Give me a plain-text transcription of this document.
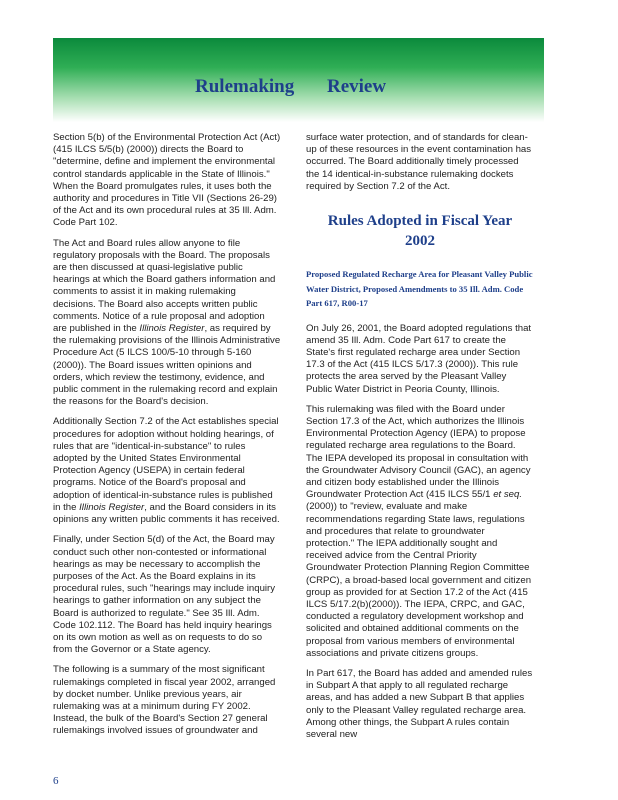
Rulemaking Review

Section 5(b) of the Environmental Protection Act (Act) (415 ILCS 5/5(b) (2000)) directs the Board to "determine, define and implement the environmental control standards applicable in the State of Illinois." When the Board promulgates rules, it uses both the authority and procedures in Title VII (Sections 26-29) of the Act and its own procedural rules at 35 Ill. Adm. Code Part 102.

The Act and Board rules allow anyone to file regulatory proposals with the Board. The proposals are then discussed at quasi-legislative public hearings at which the Board gathers information and comments to assist it in making rulemaking decisions. The Board also accepts written public comments. Notice of a rule proposal and adoption are published in the Illinois Register, as required by the rulemaking provisions of the Illinois Administrative Procedure Act (5 ILCS 100/5-10 through 5-160 (2000)). The Board issues written opinions and orders, which review the testimony, evidence, and public comment in the rulemaking record and explain the reasons for the Board's decision.

Additionally Section 7.2 of the Act establishes special procedures for adoption without holding hearings, of rules that are "identical-in-substance" to rules adopted by the United States Environmental Protection Agency (USEPA) in certain federal programs. Notice of the Board's proposal and adoption of identical-in-substance rules is published in the Illinois Register, and the Board considers in its opinions any written public comments it has received.

Finally, under Section 5(d) of the Act, the Board may conduct such other non-contested or informational hearings as may be necessary to accomplish the purposes of the Act. As the Board explains in its procedural rules, such "hearings may include inquiry hearings to gather information on any subject the Board is authorized to regulate." See 35 Ill. Adm. Code 102.112. The Board has held inquiry hearings on its own motion as well as on requests to do so from the Governor or a State agency.

The following is a summary of the most significant rulemakings completed in fiscal year 2002, arranged by docket number. Unlike previous years, air rulemaking was at a minimum during FY 2002. Instead, the bulk of the Board's Section 27 general rulemakings involved issues of groundwater and

surface water protection, and of standards for clean-up of these resources in the event contamination has occurred. The Board additionally timely processed the 14 identical-in-substance rulemaking dockets required by Section 7.2 of the Act.

Rules Adopted in Fiscal Year
2002
Proposed Regulated Recharge Area for Pleasant Valley Public Water District, Proposed Amendments to 35 Ill. Adm. Code Part 617, R00-17

On July 26, 2001, the Board adopted regulations that amend 35 Ill. Adm. Code Part 617 to create the State's first regulated recharge area under Section 17.3 of the Act (415 ILCS 5/17.3 (2000)). This rule protects the area served by the Pleasant Valley Public Water District in Peoria County, Illinois.

This rulemaking was filed with the Board under Section 17.3 of the Act, which authorizes the Illinois Environmental Protection Agency (IEPA) to propose regulated recharge area regulations to the Board. The IEPA developed its proposal in consultation with the Groundwater Advisory Council (GAC), an agency and citizen body established under the Illinois Groundwater Protection Act (415 ILCS 55/1 et seq. (2000)) to "review, evaluate and make recommendations regarding State laws, regulations and procedures that relate to groundwater protection." The IEPA additionally sought and received advice from the Central Priority Groundwater Protection Planning Region Committee (CRPC), a broad-based local government and citizen group as provided for at Section 17.2 of the Act (415 ILCS 5/17.2(b)(2000)). The IEPA, CRPC, and GAC, conducted a regulatory development workshop and solicited and obtained additional comments on the proposal from various members of environmental associations and private citizens groups.

In Part 617, the Board has added and amended rules in Subpart A that apply to all regulated recharge areas, and has added a new Subpart B that applies only to the Pleasant Valley regulated recharge area. Among other things, the Subpart A rules contain several new

6
